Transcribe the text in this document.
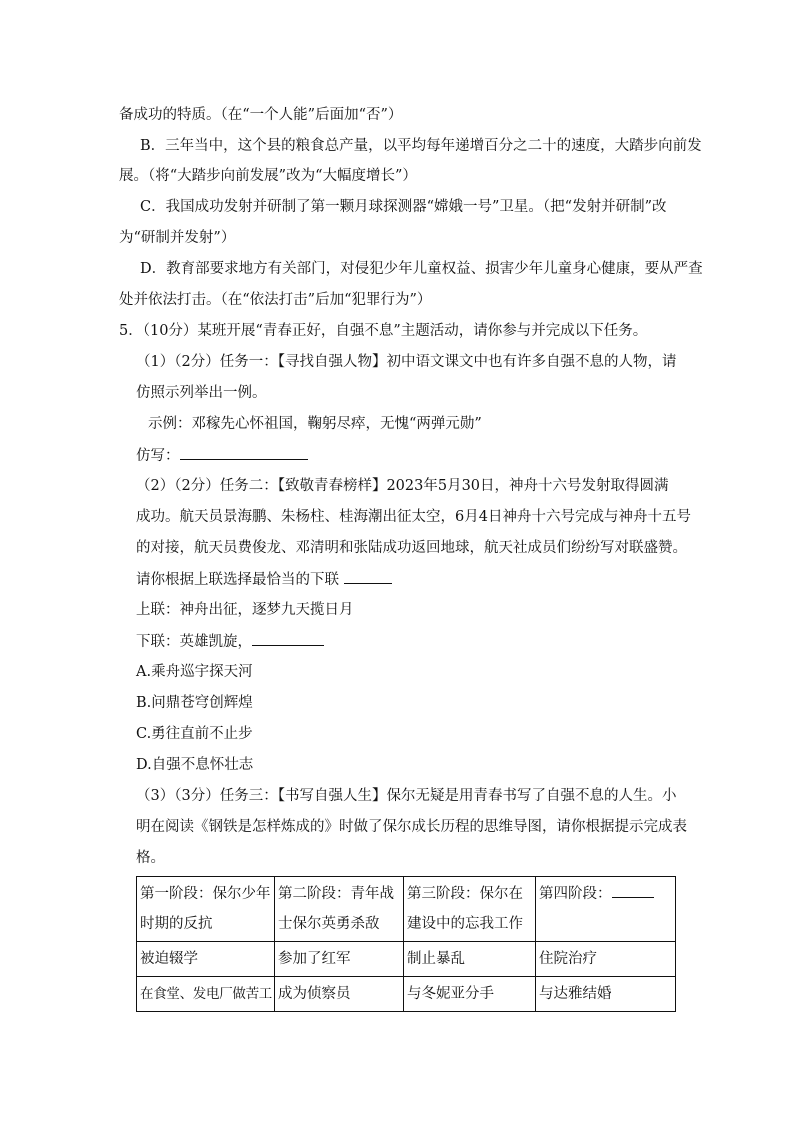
备成功的特质。（在“一个人能”后面加“否”）
B．三年当中，这个县的粮食总产量，以平均每年递增百分之二十的速度，大踏步向前发
展。（将“大踏步向前发展”改为“大幅度增长”）
C．我国成功发射并研制了第一颗月球探测器“嫦娥一号”卫星。（把“发射并研制”改
为“研制并发射”）
D．教育部要求地方有关部门，对侵犯少年儿童权益、损害少年儿童身心健康，要从严查
处并依法打击。（在“依法打击”后加“犯罪行为”）
5．（10分）某班开展“青春正好，自强不息”主题活动，请你参与并完成以下任务。
（1）（2分）任务一：【寻找自强人物】初中语文课文中也有许多自强不息的人物，请
仿照示列举出一例。
示例：邓稼先心怀祖国，鞠躬尽瘁，无愧“两弹元勋”
仿写：
（2）（2分）任务二：【致敬青春榜样】2023年5月30日，神舟十六号发射取得圆满
成功。航天员景海鹏、朱杨柱、桂海潮出征太空，6月4日神舟十六号完成与神舟十五号
的对接，航天员费俊龙、邓清明和张陆成功返回地球，航天社成员们纷纷写对联盛赞。
请你根据上联选择最恰当的下联
上联：神舟出征，逐梦九天揽日月
下联：英雄凯旋，
A.乘舟巡宇探天河
B.问鼎苍穹创辉煌
C.勇往直前不止步
D.自强不息怀壮志
（3）（3分）任务三：【书写自强人生】保尔无疑是用青春书写了自强不息的人生。小
明在阅读《钢铁是怎样炼成的》时做了保尔成长历程的思维导图，请你根据提示完成表
格。
第一阶段：保尔少年时期的反抗	第二阶段：青年战士保尔英勇杀敌	第三阶段：保尔在建设中的忘我工作	第四阶段：
被迫辍学	参加了红军	制止暴乱	住院治疗
在食堂、发电厂做苦工	成为侦察员	与冬妮亚分手	与达雅结婚
